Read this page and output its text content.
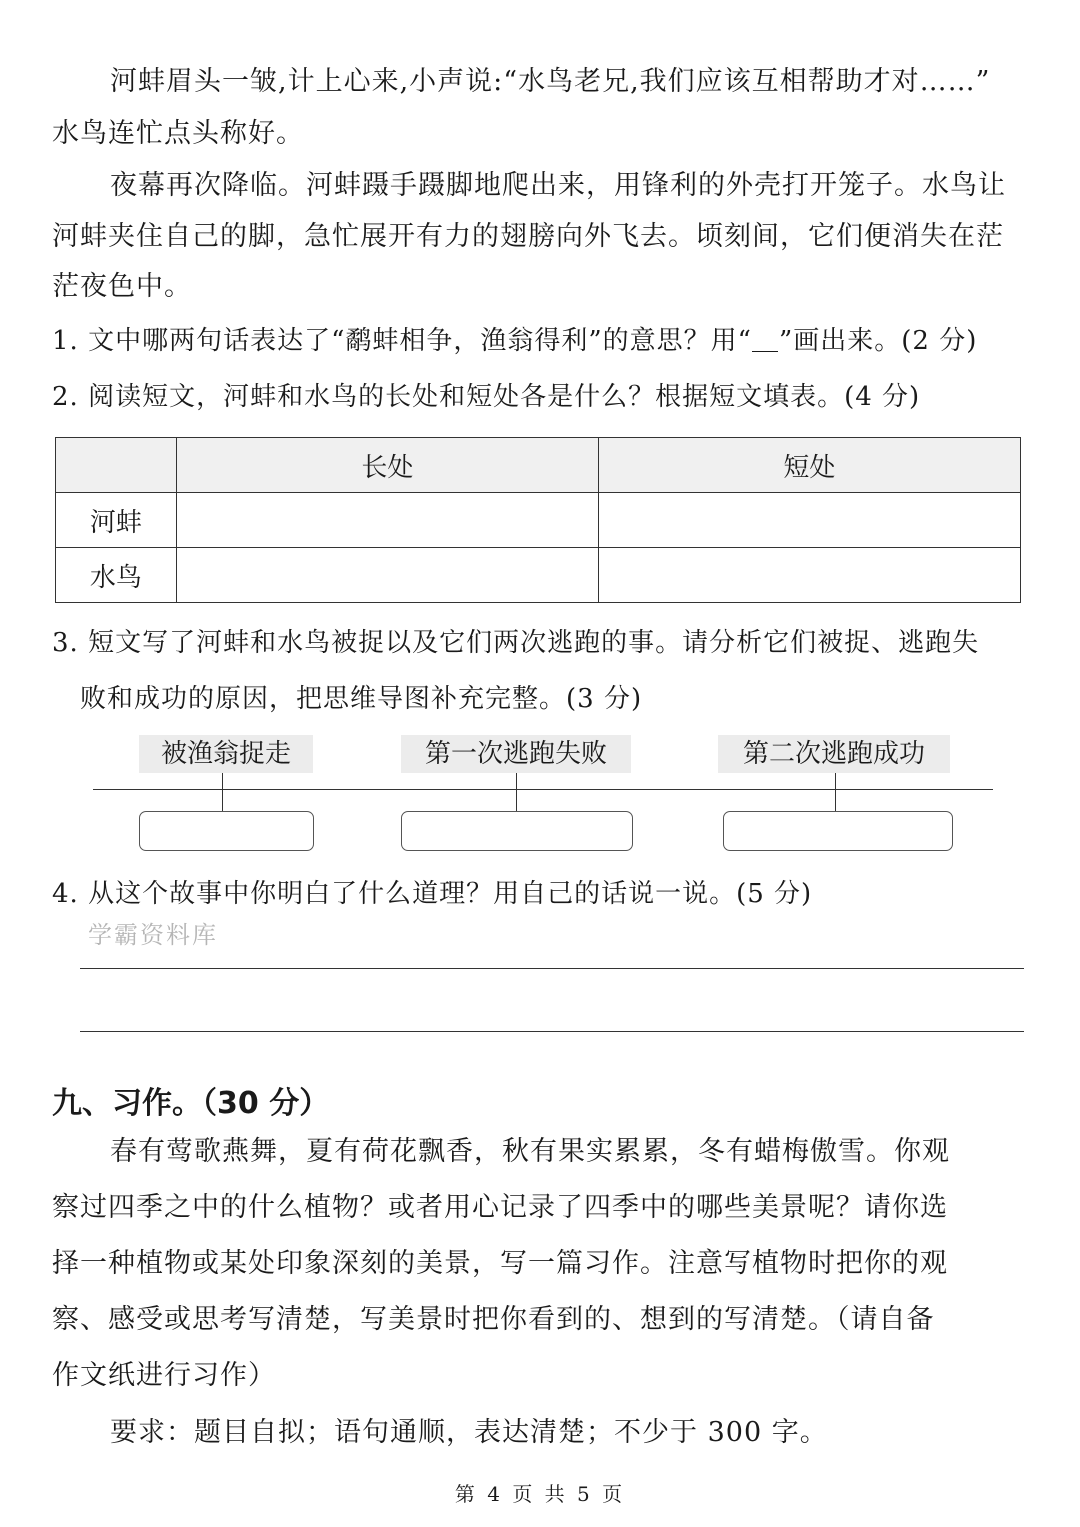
河蚌眉头一皱,计上心来,小声说:“水鸟老兄,我们应该互相帮助才对……”
水鸟连忙点头称好。
夜幕再次降临。河蚌蹑手蹑脚地爬出来，用锋利的外壳打开笼子。水鸟让
河蚌夹住自己的脚，急忙展开有力的翅膀向外飞去。顷刻间，它们便消失在茫
茫夜色中。
1. 文中哪两句话表达了“鹬蚌相争，渔翁得利”的意思？用“＿”画出来。(2 分)
2. 阅读短文，河蚌和水鸟的长处和短处各是什么？根据短文填表。(4 分)
	长处	短处
河蚌		
水鸟		
3. 短文写了河蚌和水鸟被捉以及它们两次逃跑的事。请分析它们被捉、逃跑失
败和成功的原因，把思维导图补充完整。(3 分)
被渔翁捉走	第一次逃跑失败	第二次逃跑成功
4. 从这个故事中你明白了什么道理？用自己的话说一说。(5 分)
学霸资料库
九、习作。（30 分）
春有莺歌燕舞，夏有荷花飘香，秋有果实累累，冬有蜡梅傲雪。你观
察过四季之中的什么植物？或者用心记录了四季中的哪些美景呢？请你选
择一种植物或某处印象深刻的美景，写一篇习作。注意写植物时把你的观
察、感受或思考写清楚，写美景时把你看到的、想到的写清楚。（请自备
作文纸进行习作）
要求：题目自拟；语句通顺，表达清楚；不少于 300 字。
第 4 页 共 5 页
